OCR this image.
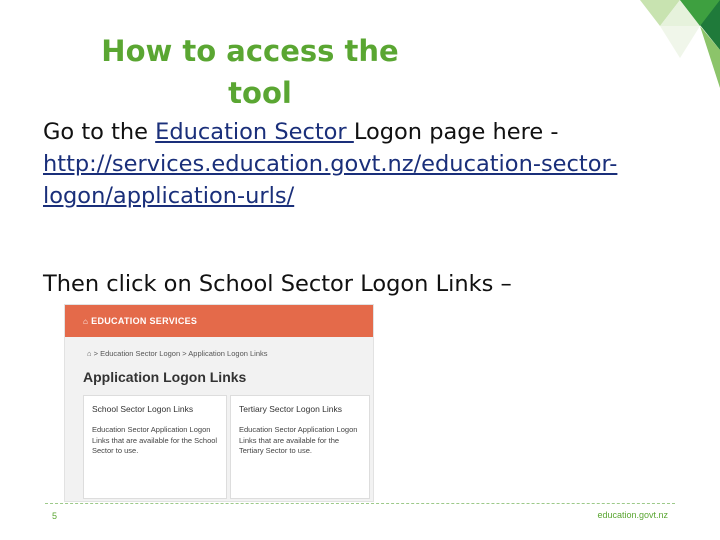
How to access the
tool
Go to the Education Sector Logon page here -
http://services.education.govt.nz/education-sector-logon/application-urls/
Then click on School Sector Logon Links –
⌂ EDUCATION SERVICES
⌂ > Education Sector Logon > Application Logon Links
Application Logon Links
School Sector Logon Links
Education Sector Application Logon Links that are available for the School Sector to use.
Tertiary Sector Logon Links
Education Sector Application Logon Links that are available for the Tertiary Sector to use.
5	education.govt.nz
